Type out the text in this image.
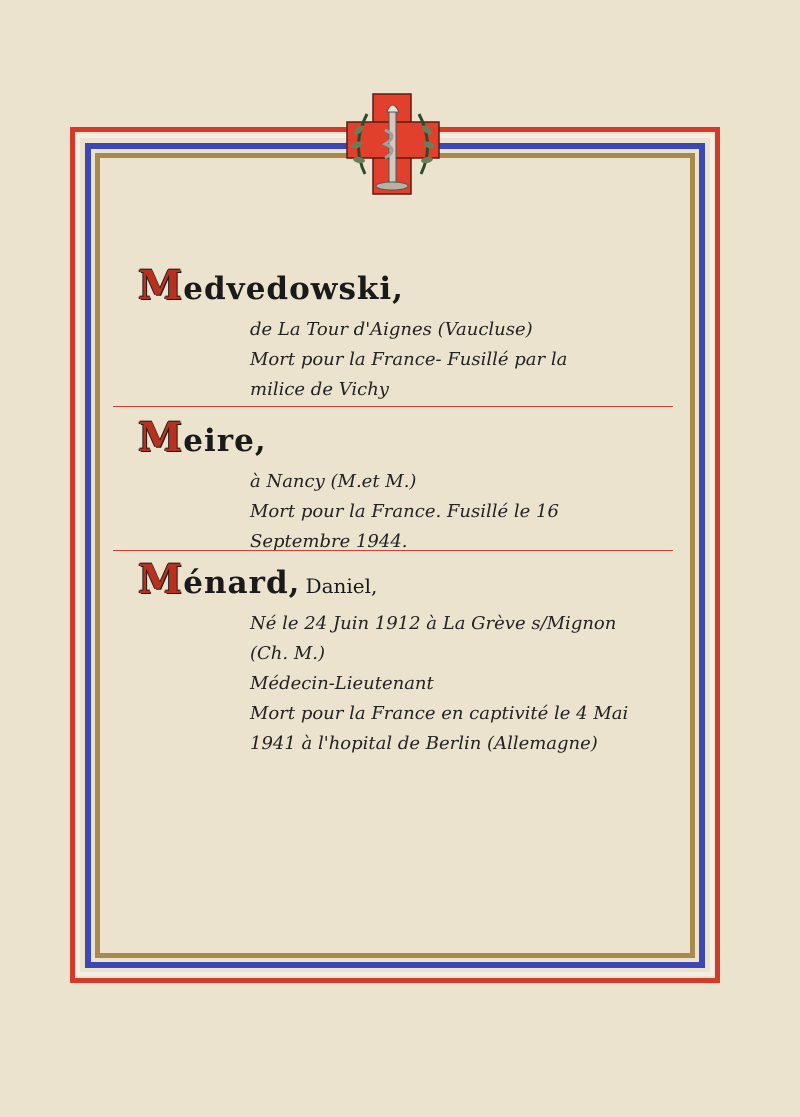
Medvedowski,
de La Tour d'Aignes (Vaucluse)
Mort pour la France- Fusillé par la
milice de Vichy
Meire,
à Nancy (M.et M.)
Mort pour la France. Fusillé le 16
Septembre 1944.
Ménard, Daniel,
Né le 24 Juin 1912 à La Grève s/Mignon
(Ch. M.)
Médecin-Lieutenant
Mort pour la France en captivité le 4 Mai
1941 à l'hopital de Berlin (Allemagne)
